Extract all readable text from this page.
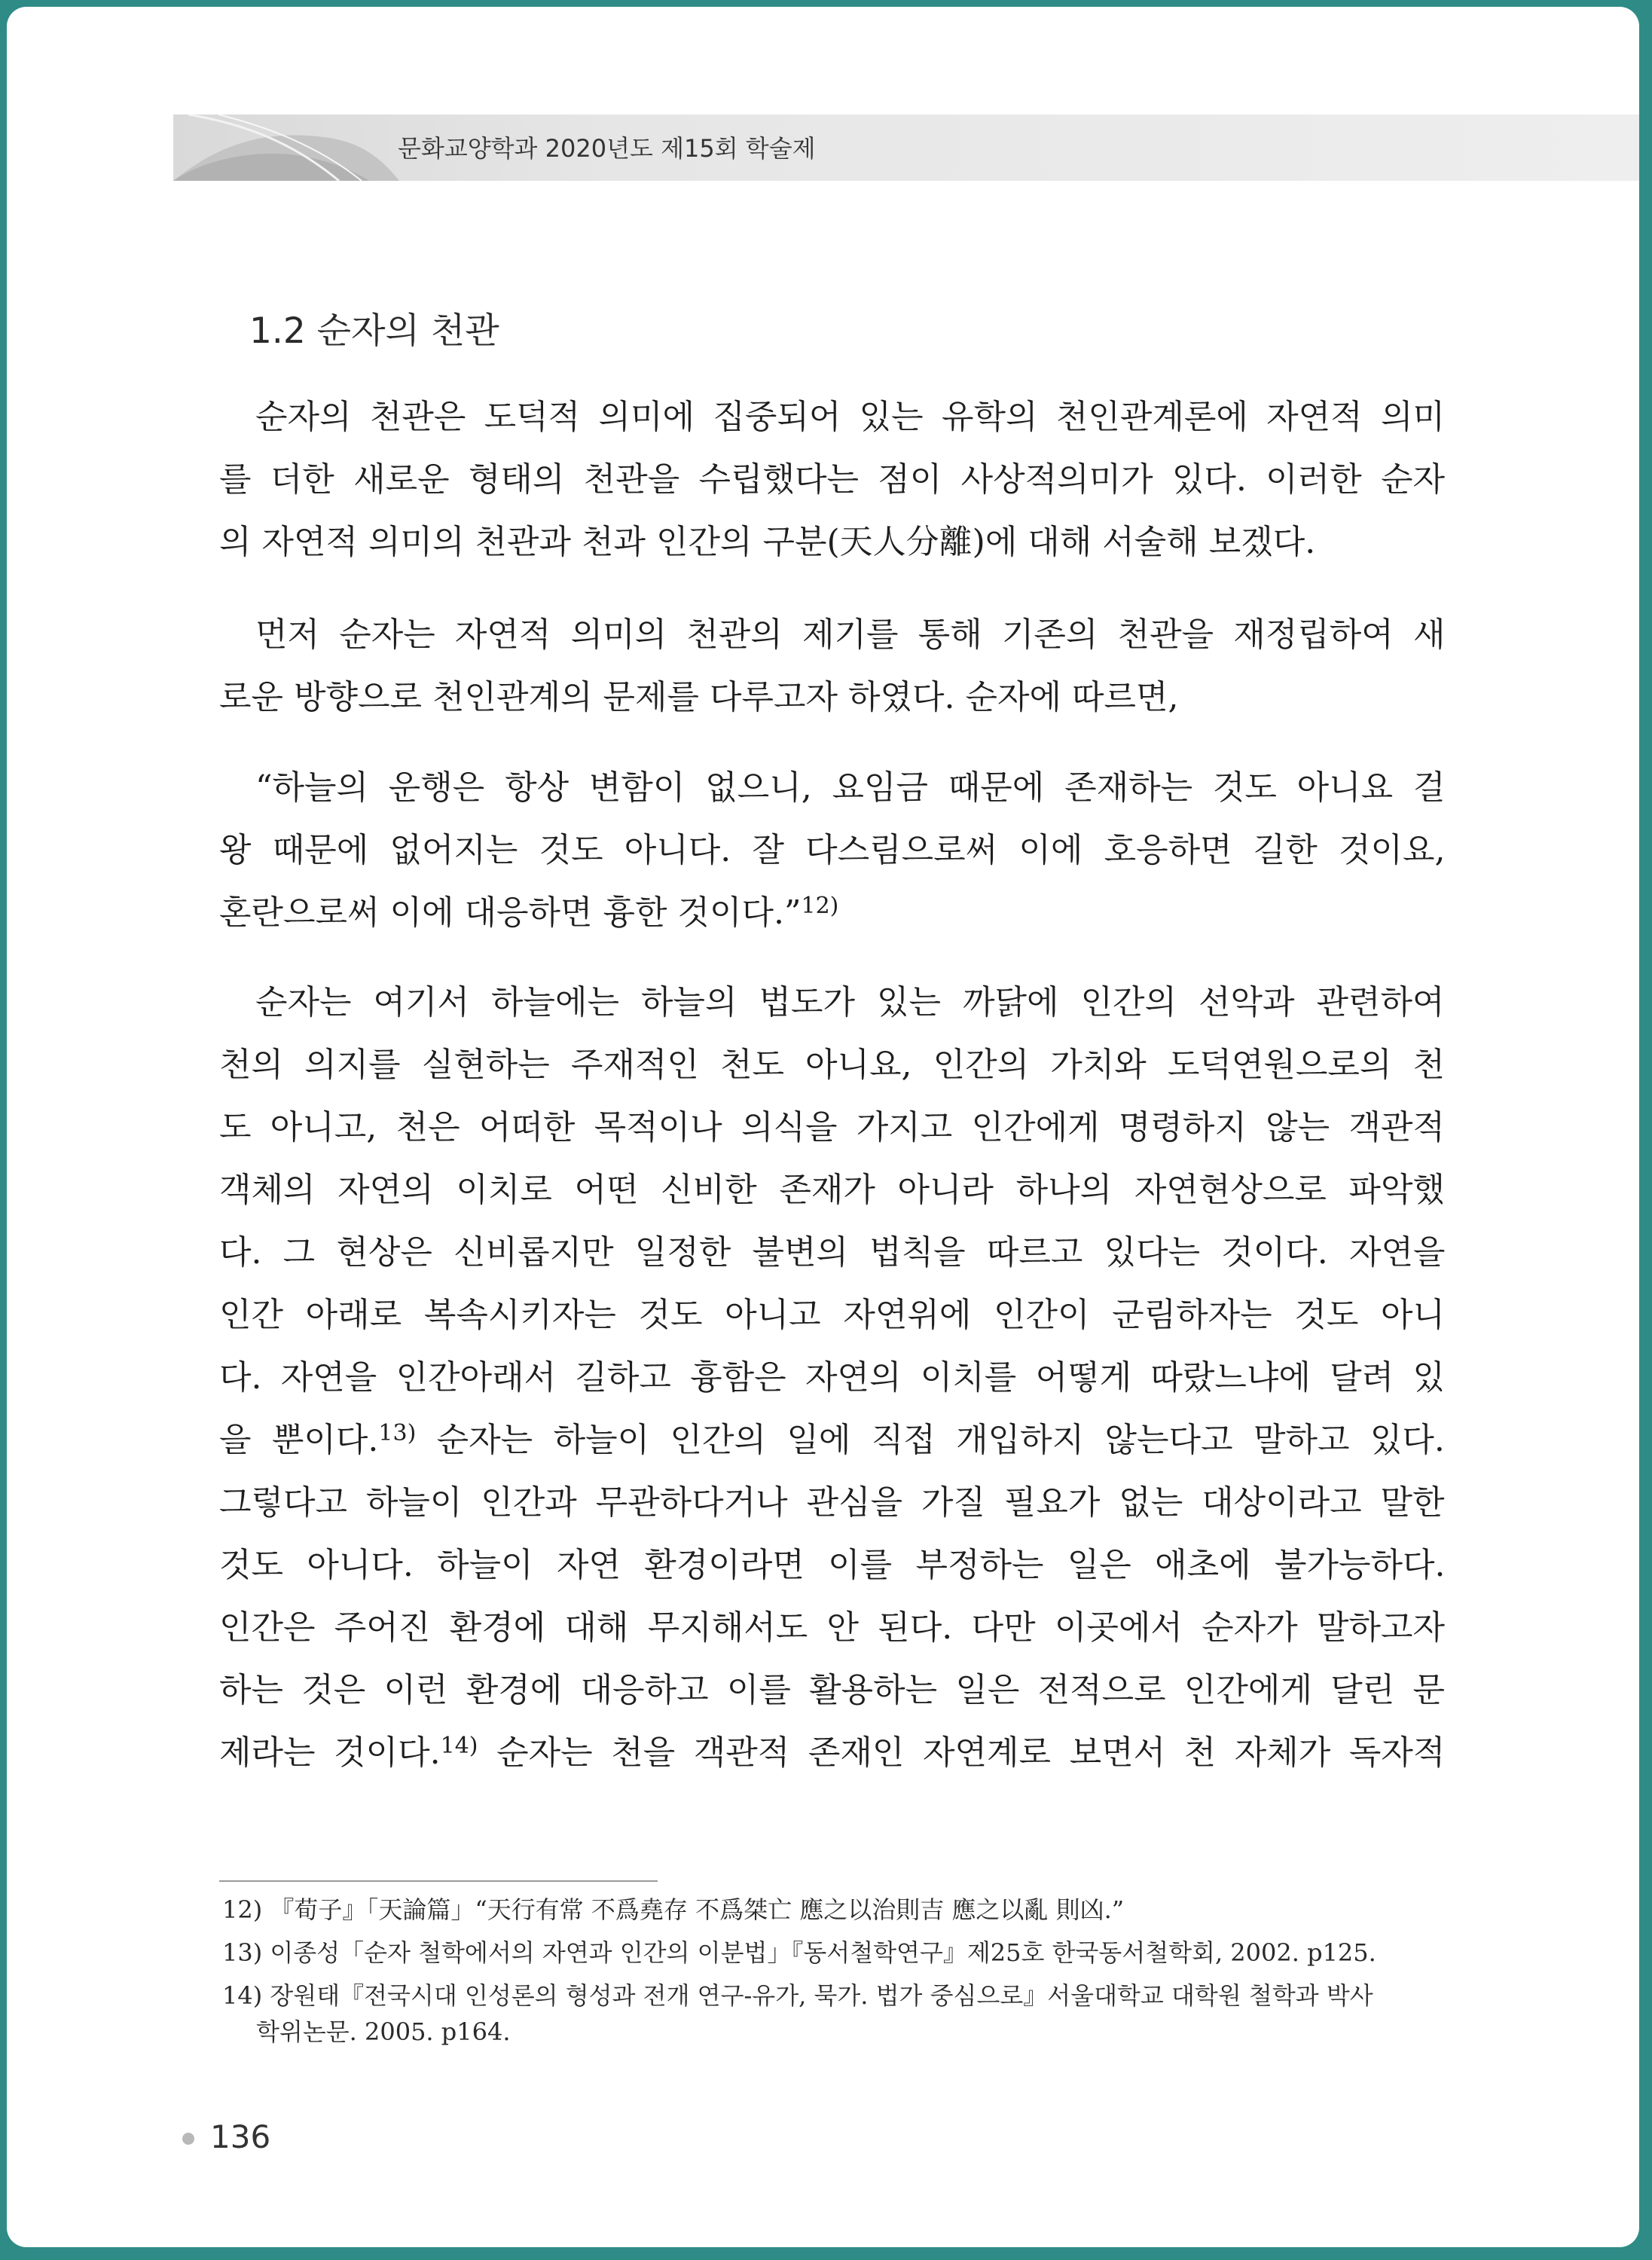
문화교양학과 2020년도 제15회 학술제
1.2 순자의 천관
순자의 천관은 도덕적 의미에 집중되어 있는 유학의 천인관계론에 자연적 의미
를 더한 새로운 형태의 천관을 수립했다는 점이 사상적의미가 있다. 이러한 순자
의 자연적 의미의 천관과 천과 인간의 구분(天人分離)에 대해 서술해 보겠다.
먼저 순자는 자연적 의미의 천관의 제기를 통해 기존의 천관을 재정립하여 새
로운 방향으로 천인관계의 문제를 다루고자 하였다. 순자에 따르면,
“하늘의 운행은 항상 변함이 없으니, 요임금 때문에 존재하는 것도 아니요 걸
왕 때문에 없어지는 것도 아니다. 잘 다스림으로써 이에 호응하면 길한 것이요,
혼란으로써 이에 대응하면 흉한 것이다.”$^{12)}$
순자는 여기서 하늘에는 하늘의 법도가 있는 까닭에 인간의 선악과 관련하여
천의 의지를 실현하는 주재적인 천도 아니요, 인간의 가치와 도덕연원으로의 천
도 아니고, 천은 어떠한 목적이나 의식을 가지고 인간에게 명령하지 않는 객관적
객체의 자연의 이치로 어떤 신비한 존재가 아니라 하나의 자연현상으로 파악했
다. 그 현상은 신비롭지만 일정한 불변의 법칙을 따르고 있다는 것이다. 자연을
인간 아래로 복속시키자는 것도 아니고 자연위에 인간이 군림하자는 것도 아니
다. 자연을 인간아래서 길하고 흉함은 자연의 이치를 어떻게 따랐느냐에 달려 있
을 뿐이다.$^{13)}$ 순자는 하늘이 인간의 일에 직접 개입하지 않는다고 말하고 있다.
그렇다고 하늘이 인간과 무관하다거나 관심을 가질 필요가 없는 대상이라고 말한
것도 아니다. 하늘이 자연 환경이라면 이를 부정하는 일은 애초에 불가능하다.
인간은 주어진 환경에 대해 무지해서도 안 된다. 다만 이곳에서 순자가 말하고자
하는 것은 이런 환경에 대응하고 이를 활용하는 일은 전적으로 인간에게 달린 문
제라는 것이다.$^{14)}$ 순자는 천을 객관적 존재인 자연계로 보면서 천 자체가 독자적
12) 『荀子』「天論篇」“天行有常 不爲堯存 不爲桀亡 應之以治則吉 應之以亂 則凶.”
13) 이종성「순자 철학에서의 자연과 인간의 이분법」『동서철학연구』제25호 한국동서철학회, 2002. p125.
14) 장원태『전국시대 인성론의 형성과 전개 연구-유가, 묵가. 법가 중심으로』서울대학교 대학원 철학과 박사
학위논문. 2005. p164.
136
